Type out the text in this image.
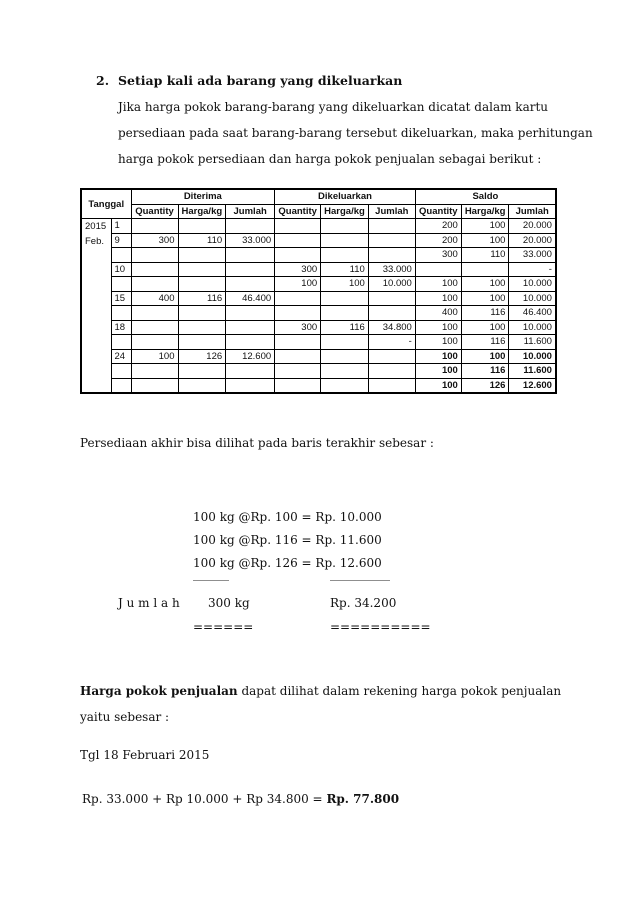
2. Setiap kali ada barang yang dikeluarkan
Jika harga pokok barang-barang yang dikeluarkan dicatat dalam kartu
persediaan pada saat barang-barang tersebut dikeluarkan, maka perhitungan
harga pokok persediaan dan harga pokok penjualan sebagai berikut :
Tanggal		Diterima			Dikeluarkan			Saldo		
		Quantity	Harga/kg	Jumlah	Quantity	Harga/kg	Jumlah	Quantity	Harga/kg	Jumlah

2015
Feb.	1							200	100	20.000
	9	300	110	33.000				200	100	20.000
								300	110	33.000
	10				300	110	33.000			-
					100	100	10.000	100	100	10.000
	15	400	116	46.400				100	100	10.000
								400	116	46.400
	18				300	116	34.800	100	100	10.000
							-	100	116	11.600
	24	100	126	12.600				100	100	10.000
								100	116	11.600
								100	126	12.600
Persediaan akhir bisa dilihat pada baris terakhir sebesar :
100 kg @Rp. 100 = Rp. 10.000
100 kg @Rp. 116 = Rp. 11.600
100 kg @Rp. 126 = Rp. 12.600
______	__________
J u m l a h 300 kg	Rp. 34.200
======	==========
Harga pokok penjualan dapat dilihat dalam rekening harga pokok penjualan
yaitu sebesar :
Tgl 18 Februari 2015
Rp. 33.000 + Rp 10.000 + Rp 34.800 = Rp. 77.800
